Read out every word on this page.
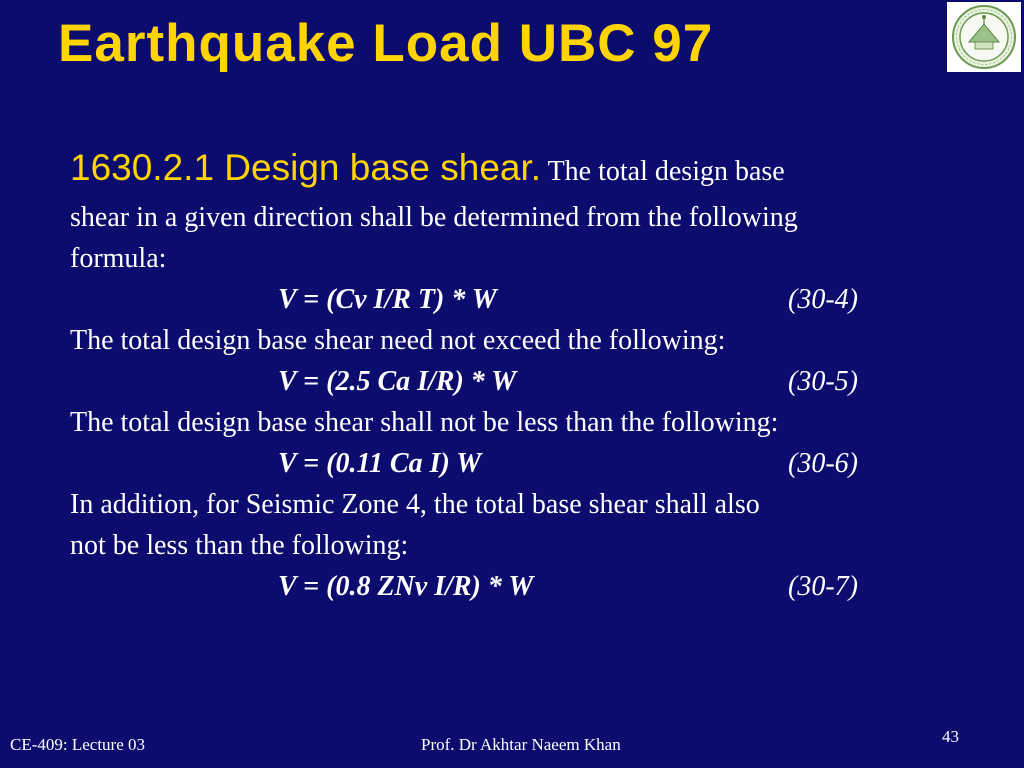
Earthquake Load UBC 97
1630.2.1 Design base shear. The total design base
shear in a given direction shall be determined from the following
formula:
V = (Cv I/R T) * W	(30-4)
The total design base shear need not exceed the following:
V = (2.5 Ca I/R) * W	(30-5)
The total design base shear shall not be less than the following:
V = (0.11 Ca I) W	(30-6)
In addition, for Seismic Zone 4, the total base shear shall also
not be less than the following:
V = (0.8 ZNv I/R) * W	(30-7)
CE-409: Lecture 03	Prof. Dr Akhtar Naeem Khan	43
